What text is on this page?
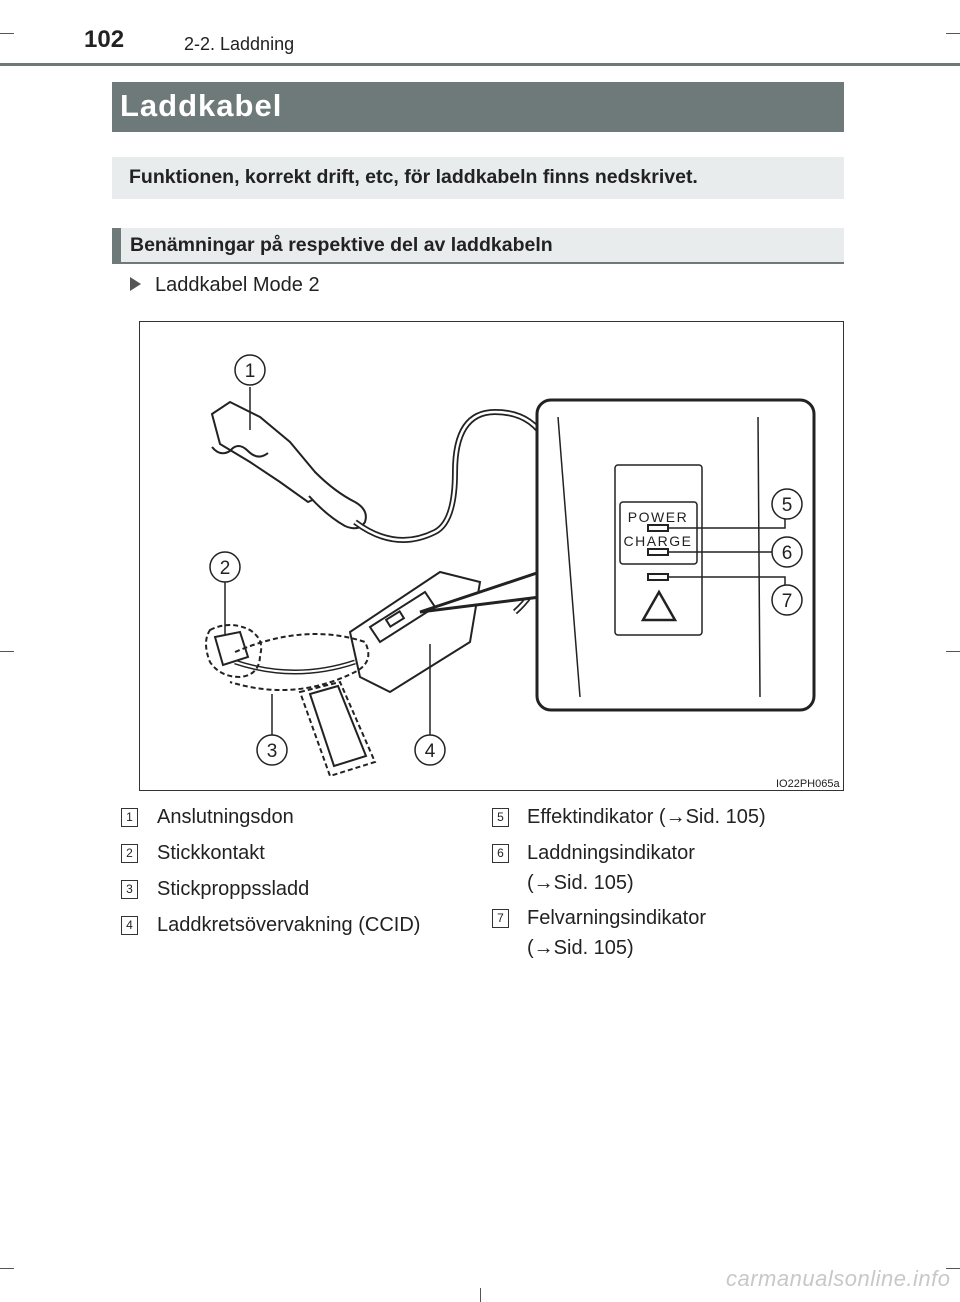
102	2-2. Laddning
Laddkabel
Funktionen, korrekt drift, etc, för laddkabeln finns nedskrivet.
Benämningar på respektive del av laddkabeln
Laddkabel Mode 2
1
2
3	4
5
6
7
POWER
CHARGE
IO22PH065a
1 Anslutningsdon
2 Stickkontakt
3 Stickproppssladd
4 Laddkretsövervakning (CCID)
5 Effektindikator (→Sid. 105)
6 Laddningsindikator
(→Sid. 105)
7 Felvarningsindikator
(→Sid. 105)
carmanualsonline.info
